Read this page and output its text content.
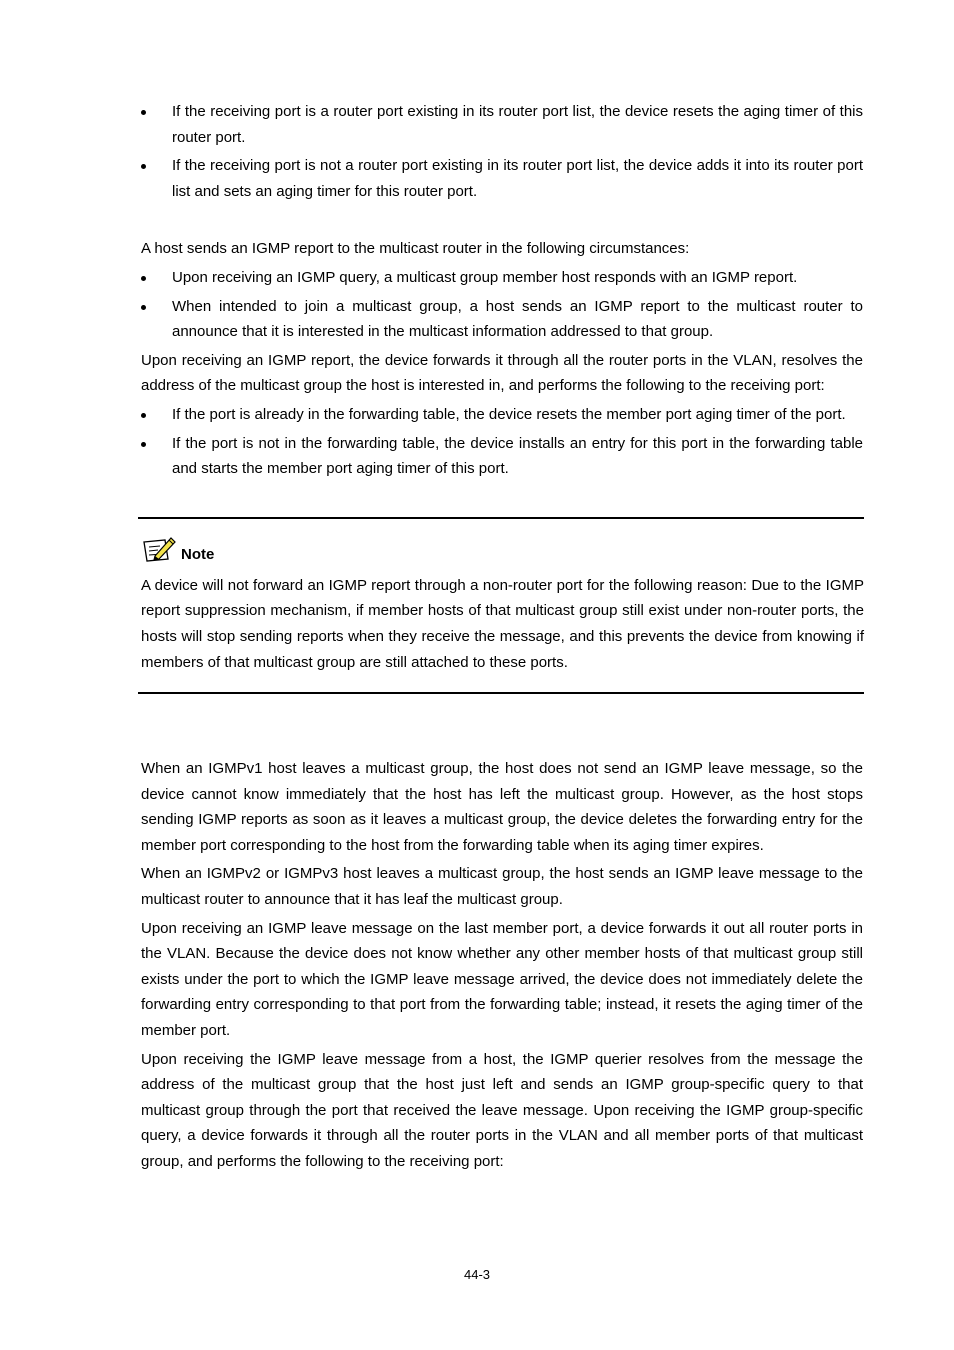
If the receiving port is a router port existing in its router port list, the device resets the aging timer of this router port.
If the receiving port is not a router port existing in its router port list, the device adds it into its router port list and sets an aging timer for this router port.

A host sends an IGMP report to the multicast router in the following circumstances:

Upon receiving an IGMP query, a multicast group member host responds with an IGMP report.
When intended to join a multicast group, a host sends an IGMP report to the multicast router to announce that it is interested in the multicast information addressed to that group.

Upon receiving an IGMP report, the device forwards it through all the router ports in the VLAN, resolves the address of the multicast group the host is interested in, and performs the following to the receiving port:

If the port is already in the forwarding table, the device resets the member port aging timer of the port.
If the port is not in the forwarding table, the device installs an entry for this port in the forwarding table and starts the member port aging timer of this port.
Note

A device will not forward an IGMP report through a non-router port for the following reason: Due to the IGMP report suppression mechanism, if member hosts of that multicast group still exist under non-router ports, the hosts will stop sending reports when they receive the message, and this prevents the device from knowing if members of that multicast group are still attached to these ports.

When an IGMPv1 host leaves a multicast group, the host does not send an IGMP leave message, so the device cannot know immediately that the host has left the multicast group. However, as the host stops sending IGMP reports as soon as it leaves a multicast group, the device deletes the forwarding entry for the member port corresponding to the host from the forwarding table when its aging timer expires.

When an IGMPv2 or IGMPv3 host leaves a multicast group, the host sends an IGMP leave message to the multicast router to announce that it has leaf the multicast group.

Upon receiving an IGMP leave message on the last member port, a device forwards it out all router ports in the VLAN. Because the device does not know whether any other member hosts of that multicast group still exists under the port to which the IGMP leave message arrived, the device does not immediately delete the forwarding entry corresponding to that port from the forwarding table; instead, it resets the aging timer of the member port.

Upon receiving the IGMP leave message from a host, the IGMP querier resolves from the message the address of the multicast group that the host just left and sends an IGMP group-specific query to that multicast group through the port that received the leave message. Upon receiving the IGMP group-specific query, a device forwards it through all the router ports in the VLAN and all member ports of that multicast group, and performs the following to the receiving port:

44-3
